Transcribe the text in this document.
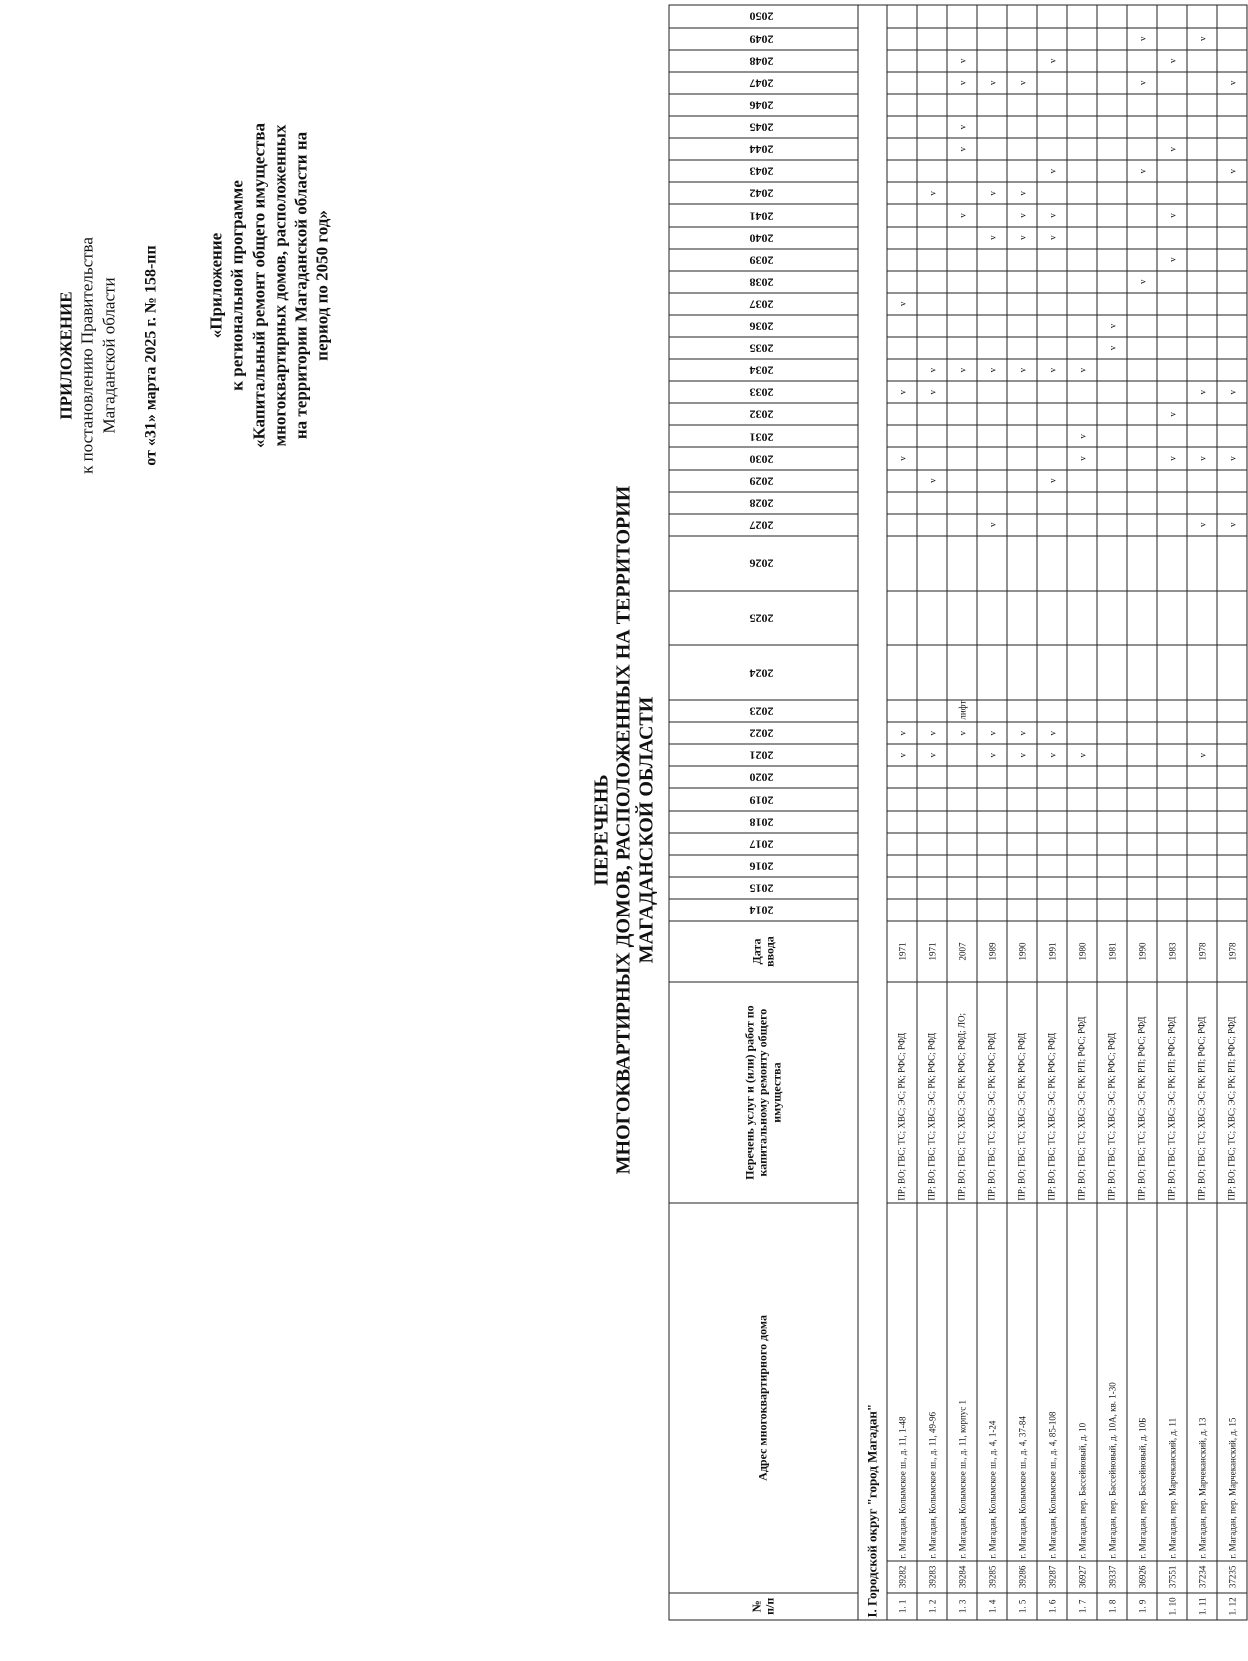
ПРИЛОЖЕНИЕ к постановлению Правительства Магаданской области от «31» марта 2025 г. № 158-пп	«Приложение к региональной программе «Капитальный ремонт общего имущества многоквартирных домов, расположенных на территории Магаданской области на период по 2050 год»
ПЕРЕЧЕНЬ МНОГОКВАРТИРНЫХ ДОМОВ, РАСПОЛОЖЕННЫХ НА ТЕРРИТОРИИ МАГАДАНСКОЙ ОБЛАСТИ
№ п/п	Адрес многоквартирного дома		Перечень услуг и (или) работ по капитальному ремонту общего имущества	Дата ввода	2014	2015	2016	2017	2018	2019	2020	2021	2022	2023	2024	2025	2026	2027	2028	2029	2030	2031	2032	2033	2034	2035	2036	2037	2038	2039	2040	2041	2042	2043	2044	2045	2046	2047	2048	2049	2050
I. Городской округ "город Магадан"																																									
1. 1	39282	г. Магадан, Колымское ш., д. 11, 1-48	ПР; ВО; ГВС; ТС; ХВС; ЭС; РК; РФС; РФД	1971								v	v								v			v				v													
1. 2	39283	г. Магадан, Колымское ш., д. 11, 49-96	ПР; ВО; ГВС; ТС; ХВС; ЭС; РК; РФС; РФД	1971								v	v							v				v	v								v								
1. 3	39284	г. Магадан, Колымское ш., д. 11, корпус 1	ПР; ВО; ГВС; ТС; ХВС; ЭС; РК; РФС; РФД; ЛО;	2007									v	лифт											v							v			v	v		v	v		
1. 4	39285	г. Магадан, Колымское ш., д. 4, 1-24	ПР; ВО; ГВС; ТС; ХВС; ЭС; РК; РФС; РФД	1989								v	v					v							v						v		v					v			
1. 5	39286	г. Магадан, Колымское ш., д. 4, 37-84	ПР; ВО; ГВС; ТС; ХВС; ЭС; РК; РФС; РФД	1990								v	v												v						v	v	v					v			
1. 6	39287	г. Магадан, Колымское ш., д. 4, 85-108	ПР; ВО; ГВС; ТС; ХВС; ЭС; РК; РФС; РФД	1991								v	v							v					v						v	v		v					v		
1. 7	36927	г. Магадан, пер. Бассейновый, д. 10	ПР; ВО; ГВС; ТС; ХВС; ЭС; РК; РП; РФС; РФД	1980								v									v	v			v																
1. 8	39337	г. Магадан, пер. Бассейновый, д. 10А, кв. 1-30	ПР; ВО; ГВС; ТС; ХВС; ЭС; РК; РФС; РФД	1981																						v	v														
1. 9	36926	г. Магадан, пер. Бассейновый, д. 10Б	ПР; ВО; ГВС; ТС; ХВС; ЭС; РК; РП; РФС; РФД	1990																									v					v				v		v	
1. 10	37551	г. Магадан, пер. Марчеканский, д. 11	ПР; ВО; ГВС; ТС; ХВС; ЭС; РК; РП; РФС; РФД	1983																	v		v							v		v			v				v		
1. 11	37234	г. Магадан, пер. Марчеканский, д. 13	ПР; ВО; ГВС; ТС; ХВС; ЭС; РК; РП; РФС; РФД	1978								v						v			v			v																v	
1. 12	37235	г. Магадан, пер. Марчеканский, д. 15	ПР; ВО; ГВС; ТС; ХВС; ЭС; РК; РП; РФС; РФД	1978														v			v			v										v				v			
